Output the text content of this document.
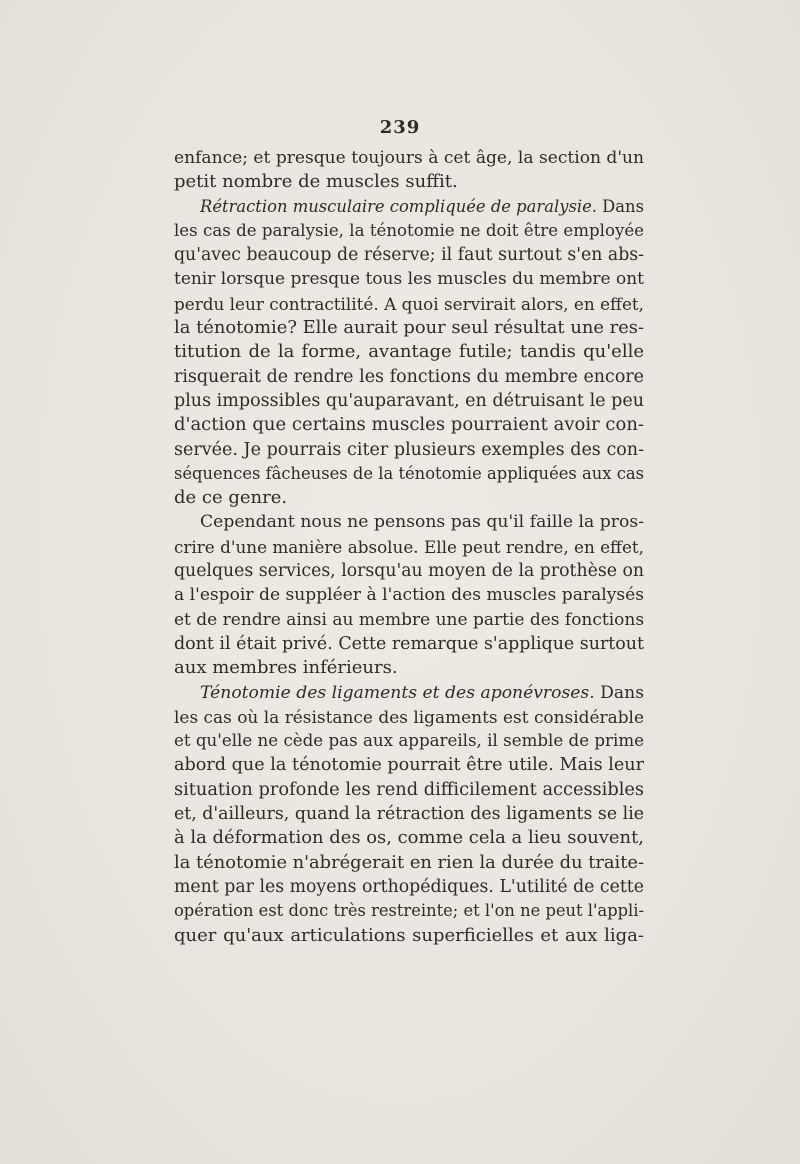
239
enfance; et presque toujours à cet âge, la section d'un
petit nombre de muscles suffit.
Rétraction musculaire compliquée de paralysie. Dans
les cas de paralysie, la ténotomie ne doit être employée
qu'avec beaucoup de réserve; il faut surtout s'en abs-
tenir lorsque presque tous les muscles du membre ont
perdu leur contractilité. A quoi servirait alors, en effet,
la ténotomie? Elle aurait pour seul résultat une res-
titution de la forme, avantage futile; tandis qu'elle
risquerait de rendre les fonctions du membre encore
plus impossibles qu'auparavant, en détruisant le peu
d'action que certains muscles pourraient avoir con-
servée. Je pourrais citer plusieurs exemples des con-
séquences fâcheuses de la ténotomie appliquées aux cas
de ce genre.
Cependant nous ne pensons pas qu'il faille la pros-
crire d'une manière absolue. Elle peut rendre, en effet,
quelques services, lorsqu'au moyen de la prothèse on
a l'espoir de suppléer à l'action des muscles paralysés
et de rendre ainsi au membre une partie des fonctions
dont il était privé. Cette remarque s'applique surtout
aux membres inférieurs.
Ténotomie des ligaments et des aponévroses. Dans
les cas où la résistance des ligaments est considérable
et qu'elle ne cède pas aux appareils, il semble de prime
abord que la ténotomie pourrait être utile. Mais leur
situation profonde les rend difficilement accessibles
et, d'ailleurs, quand la rétraction des ligaments se lie
à la déformation des os, comme cela a lieu souvent,
la ténotomie n'abrégerait en rien la durée du traite-
ment par les moyens orthopédiques. L'utilité de cette
opération est donc très restreinte; et l'on ne peut l'appli-
quer qu'aux articulations superficielles et aux liga-
